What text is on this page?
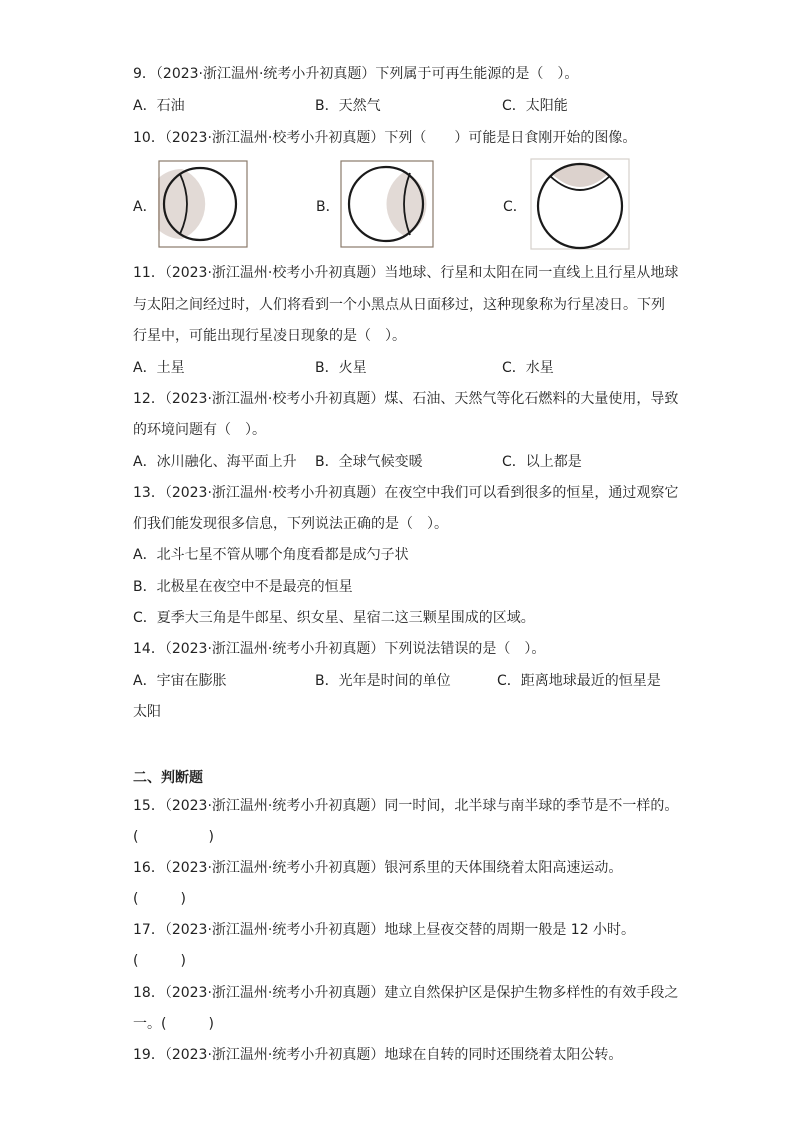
9．（2023·浙江温州·统考小升初真题）下列属于可再生能源的是（　）。
A．石油	B．天然气	C．太阳能
10．（2023·浙江温州·校考小升初真题）下列（　　）可能是日食刚开始的图像。
A．	B．	C．
11．（2023·浙江温州·校考小升初真题）当地球、行星和太阳在同一直线上且行星从地球
与太阳之间经过时，人们将看到一个小黑点从日面移过，这种现象称为行星凌日。下列
行星中，可能出现行星凌日现象的是（　）。
A．土星	B．火星	C．水星
12．（2023·浙江温州·校考小升初真题）煤、石油、天然气等化石燃料的大量使用，导致
的环境问题有（　）。
A．冰川融化、海平面上升 B．全球气候变暖	C．以上都是
13．（2023·浙江温州·校考小升初真题）在夜空中我们可以看到很多的恒星，通过观察它
们我们能发现很多信息，下列说法正确的是（　）。
A．北斗七星不管从哪个角度看都是成勺子状
B．北极星在夜空中不是最亮的恒星
C．夏季大三角是牛郎星、织女星、星宿二这三颗星围成的区域。
14．（2023·浙江温州·统考小升初真题）下列说法错误的是（　）。
A．宇宙在膨胀	B．光年是时间的单位	C．距离地球最近的恒星是
太阳
二、判断题
15．（2023·浙江温州·统考小升初真题）同一时间，北半球与南半球的季节是不一样的。
(　　　　　)
16．（2023·浙江温州·统考小升初真题）银河系里的天体围绕着太阳高速运动。
(　　　)
17．（2023·浙江温州·统考小升初真题）地球上昼夜交替的周期一般是 12 小时。
(　　　)
18．（2023·浙江温州·统考小升初真题）建立自然保护区是保护生物多样性的有效手段之
一。(　　　)
19．（2023·浙江温州·统考小升初真题）地球在自转的同时还围绕着太阳公转。
